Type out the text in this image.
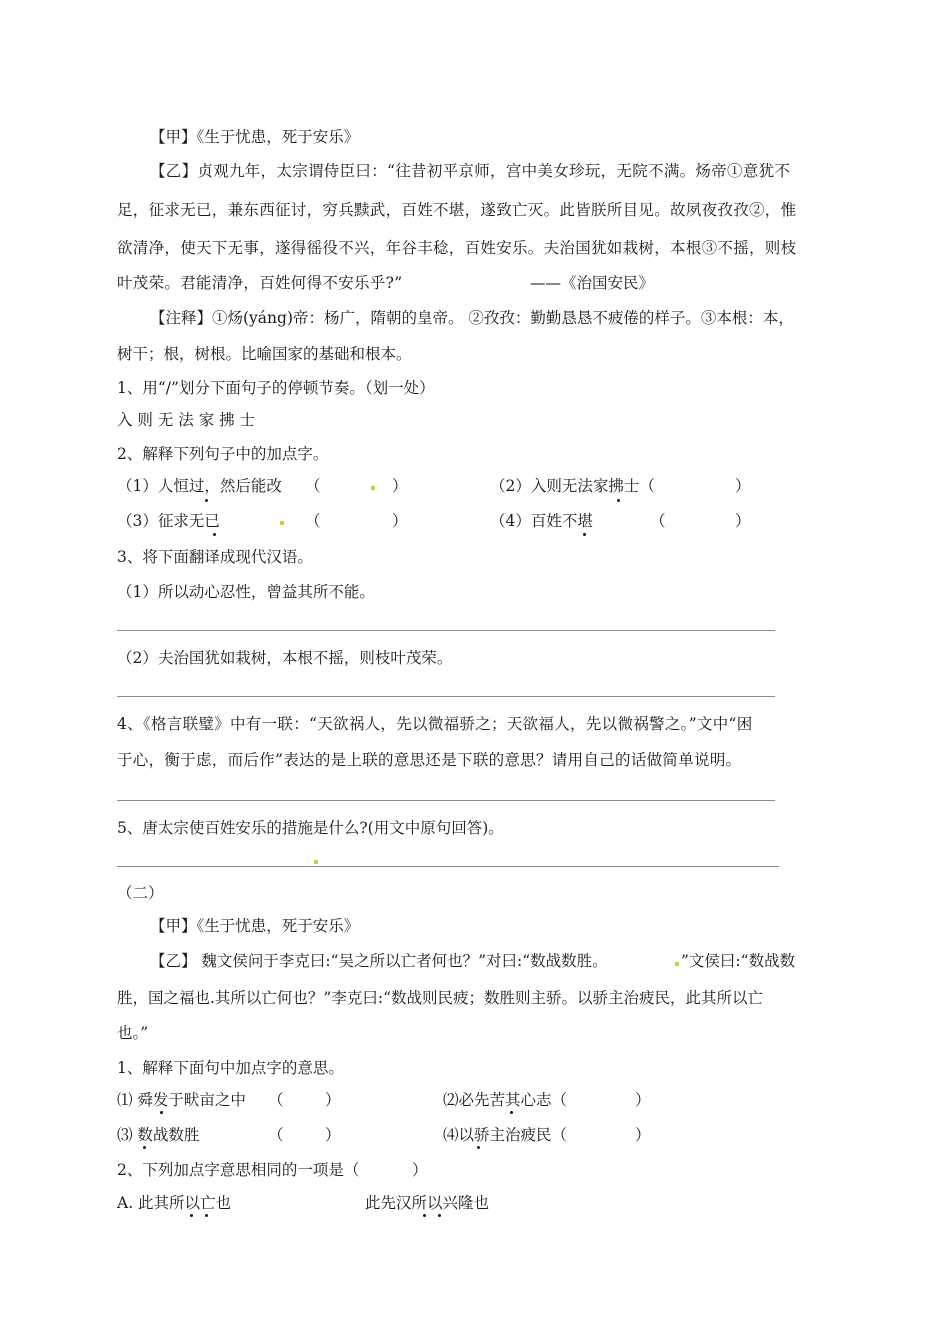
【甲】《生于忧患，死于安乐》
【乙】贞观九年，太宗谓侍臣曰：“往昔初平京师，宫中美女珍玩，无院不满。炀帝①意犹不
足，征求无已，兼东西征讨，穷兵黩武，百姓不堪，遂致亡灭。此皆朕所目见。故夙夜孜孜②，惟
欲清净，使天下无事，遂得徭役不兴，年谷丰稔，百姓安乐。夫治国犹如栽树，本根③不摇，则枝
叶茂荣。君能清净，百姓何得不安乐乎?”	——《治国安民》
【注释】①炀(yáng)帝：杨广，隋朝的皇帝。 ②孜孜：勤勤恳恳不疲倦的样子。③本根：本，
树干；根，树根。比喻国家的基础和根本。
1、用“/”划分下面句子的停顿节奏。（划一处）
入 则 无 法 家 拂 士
2、解释下列句子中的加点字。
（1）人恒过，然后能改 （	）	（2）入则无法家拂士（	）
（3）征求无已	（	）	（4）百姓不堪	（	）
3、将下面翻译成现代汉语。
（1）所以动心忍性，曾益其所不能。
（2）夫治国犹如栽树，本根不摇，则枝叶茂荣。
4、《格言联璧》中有一联：“天欲祸人，先以微福骄之；天欲福人，先以微祸警之。”文中“困
于心，衡于虑，而后作”表达的是上联的意思还是下联的意思？请用自己的话做简单说明。
5、唐太宗使百姓安乐的措施是什么?(用文中原句回答)。
（二）
【甲】《生于忧患，死于安乐》
【乙】 魏文侯问于李克曰:“吴之所以亡者何也？”对曰:“数战数胜。	”文侯曰:“数战数
胜，国之福也.其所以亡何也？”李克曰:“数战则民疲；数胜则主骄。以骄主治疲民，此其所以亡
也。”
1、解释下面句中加点字的意思。
⑴ 舜发于畎亩之中 （	）	⑵必先苦其心志（	）
⑶ 数战数胜	（	）	⑷以骄主治疲民（	）
2、下列加点字意思相同的一项是（	）
A. 此其所以亡也	此先汉所以兴隆也
